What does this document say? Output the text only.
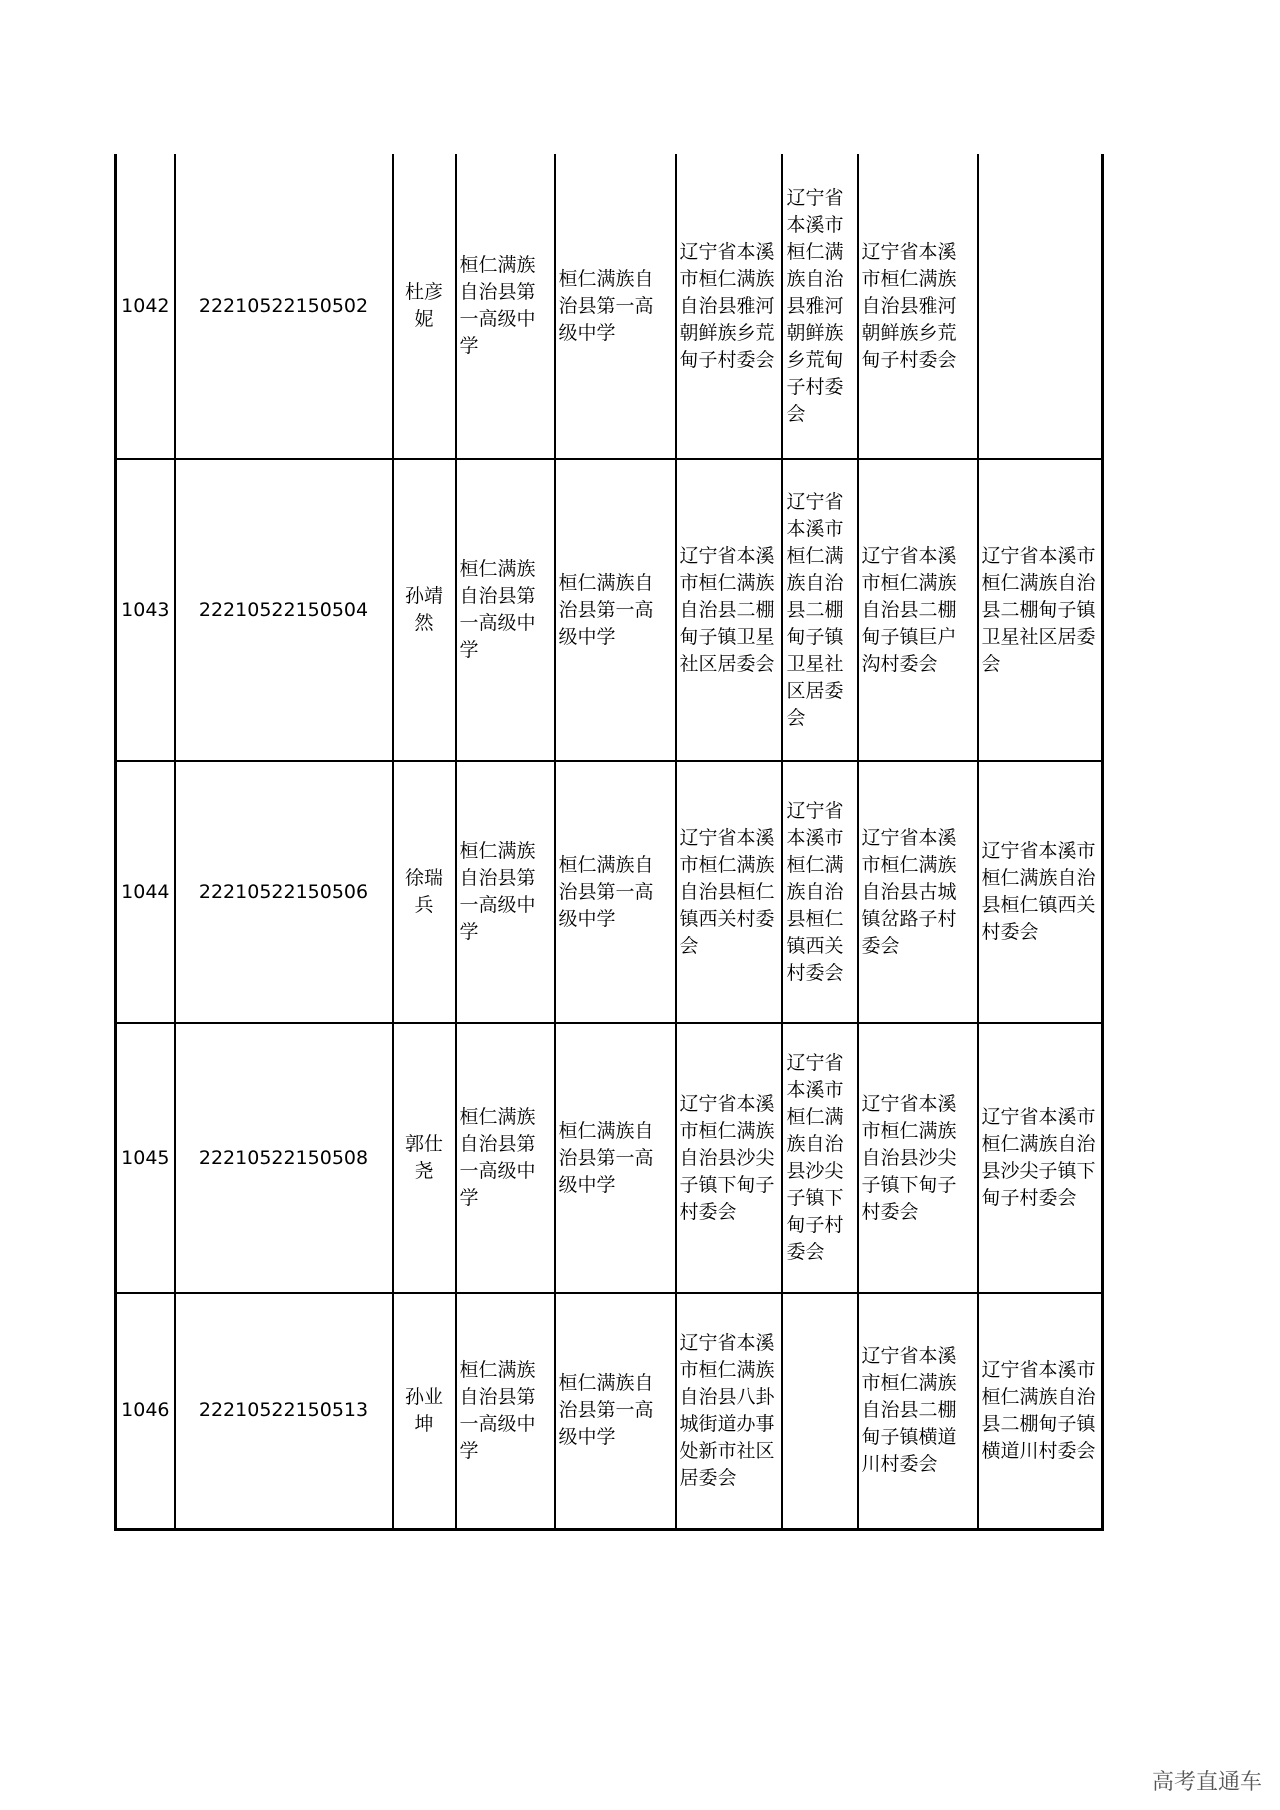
1042	22210522150502	杜彦妮	桓仁满族自治县第一高级中学	桓仁满族自治县第一高级中学	辽宁省本溪市桓仁满族自治县雅河朝鲜族乡荒甸子村委会	辽宁省本溪市桓仁满族自治县雅河朝鲜族乡荒甸子村委会	辽宁省本溪市桓仁满族自治县雅河朝鲜族乡荒甸子村委会	
1043	22210522150504	孙靖然	桓仁满族自治县第一高级中学	桓仁满族自治县第一高级中学	辽宁省本溪市桓仁满族自治县二棚甸子镇卫星社区居委会	辽宁省本溪市桓仁满族自治县二棚甸子镇卫星社区居委会	辽宁省本溪市桓仁满族自治县二棚甸子镇巨户沟村委会	辽宁省本溪市桓仁满族自治县二棚甸子镇卫星社区居委会
1044	22210522150506	徐瑞兵	桓仁满族自治县第一高级中学	桓仁满族自治县第一高级中学	辽宁省本溪市桓仁满族自治县桓仁镇西关村委会	辽宁省本溪市桓仁满族自治县桓仁镇西关村委会	辽宁省本溪市桓仁满族自治县古城镇岔路子村委会	辽宁省本溪市桓仁满族自治县桓仁镇西关村委会
1045	22210522150508	郭仕尧	桓仁满族自治县第一高级中学	桓仁满族自治县第一高级中学	辽宁省本溪市桓仁满族自治县沙尖子镇下甸子村委会	辽宁省本溪市桓仁满族自治县沙尖子镇下甸子村委会	辽宁省本溪市桓仁满族自治县沙尖子镇下甸子村委会	辽宁省本溪市桓仁满族自治县沙尖子镇下甸子村委会
1046	22210522150513	孙业坤	桓仁满族自治县第一高级中学	桓仁满族自治县第一高级中学	辽宁省本溪市桓仁满族自治县八卦城街道办事处新市社区居委会		辽宁省本溪市桓仁满族自治县二棚甸子镇横道川村委会	辽宁省本溪市桓仁满族自治县二棚甸子镇横道川村委会
高考直通车
